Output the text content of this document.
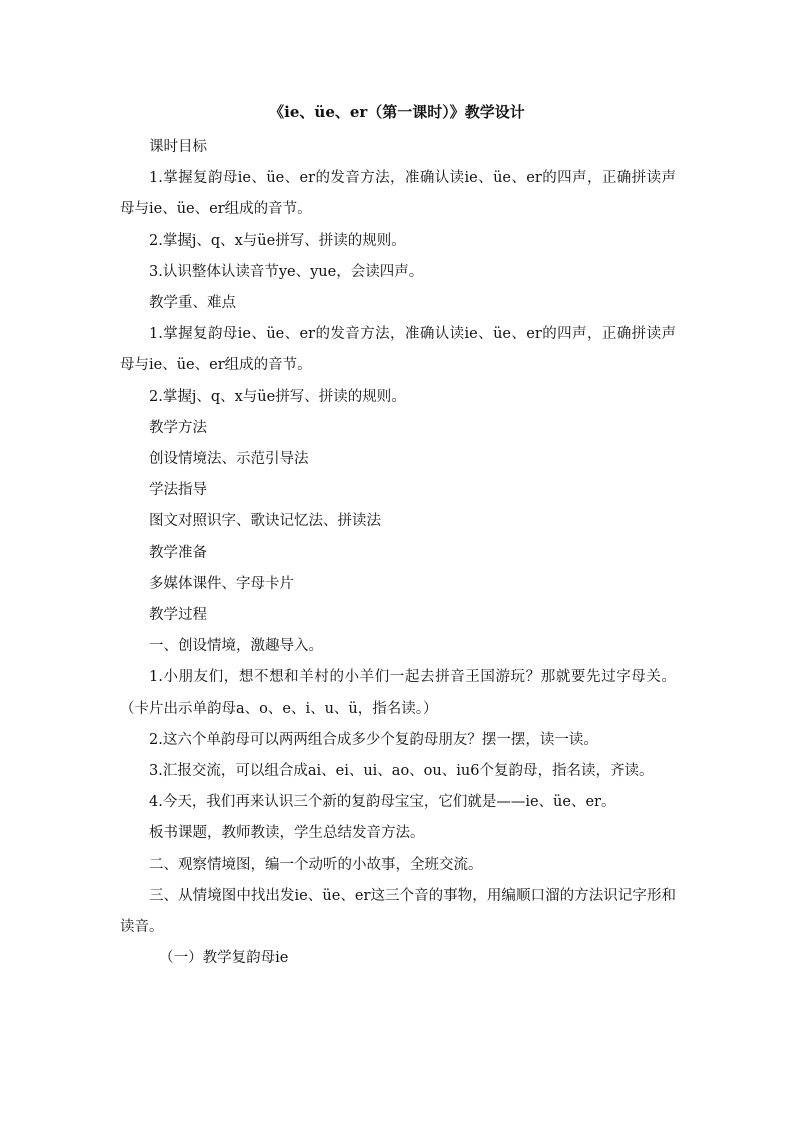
《ie、üe、er（第一课时）》教学设计

课时目标

1.掌握复韵母ie、üe、er的发音方法，准确认读ie、üe、er的四声，正确拼读声母与ie、üe、er组成的音节。

2.掌握j、q、x与üe拼写、拼读的规则。

3.认识整体认读音节ye、yue，会读四声。

教学重、难点

1.掌握复韵母ie、üe、er的发音方法，准确认读ie、üe、er的四声，正确拼读声母与ie、üe、er组成的音节。

2.掌握j、q、x与üe拼写、拼读的规则。

教学方法

创设情境法、示范引导法

学法指导

图文对照识字、歌诀记忆法、拼读法

教学准备

多媒体课件、字母卡片

教学过程

一、创设情境，激趣导入。

1.小朋友们，想不想和羊村的小羊们一起去拼音王国游玩？那就要先过字母关。（卡片出示单韵母a、o、e、i、u、ü，指名读。）

2.这六个单韵母可以两两组合成多少个复韵母朋友？摆一摆，读一读。

3.汇报交流，可以组合成ai、ei、ui、ao、ou、iu6个复韵母，指名读，齐读。

4.今天，我们再来认识三个新的复韵母宝宝，它们就是——ie、üe、er。

板书课题，教师教读，学生总结发音方法。

二、观察情境图，编一个动听的小故事，全班交流。

三、从情境图中找出发ie、üe、er这三个音的事物，用编顺口溜的方法识记字形和读音。

（一）教学复韵母ie
